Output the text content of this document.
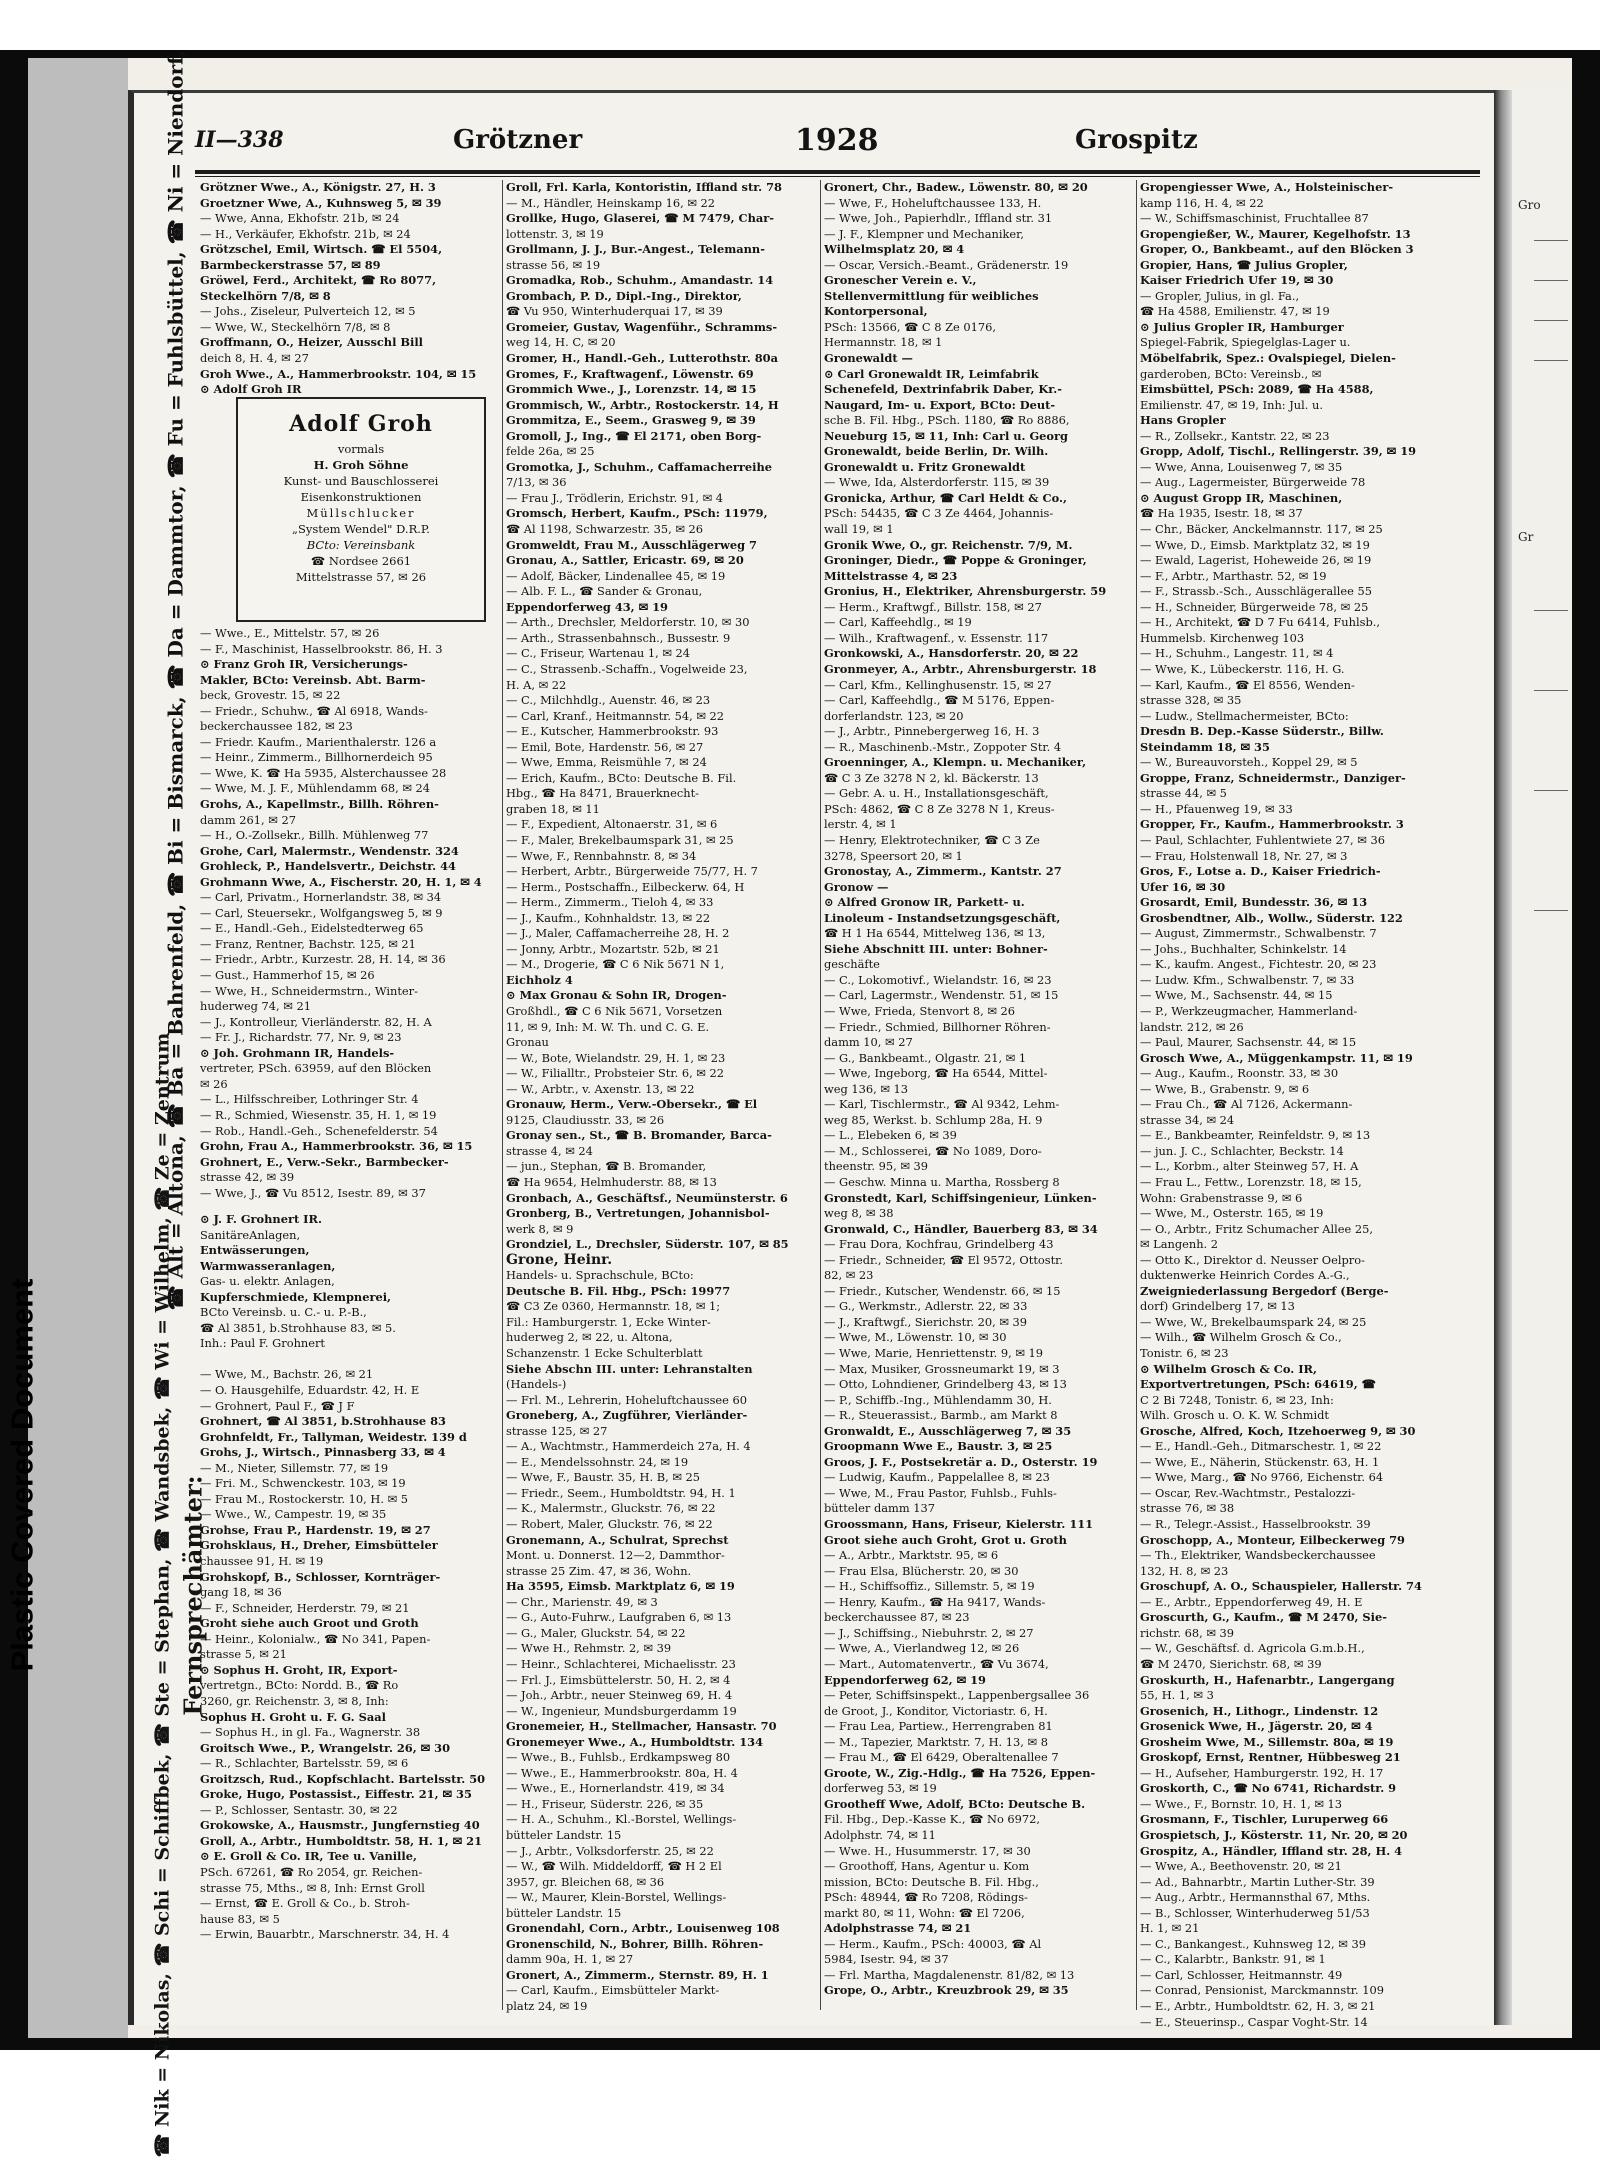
Plastic Covered Document
Gro
Gr
II—338	Grötzner	1928	Grospitz
☎ Alt = Altona, ☎ Ba = Bahrenfeld, ☎ Bi = Bismarck, ☎ Da = Dammtor, ☎ Fu = Fuhlsbüttel, ☎ Ni = Niendorf,
☎ Nik = Nikolas, ☎ Schi = Schiffbek, ☎ Ste = Stephan, ☎ Wandsbek, ☎ Wi = Wilhelm, ☎ Ze = Zentrum Fernsprechämter:
Grötzner Wwe., A., Königstr. 27, H. 3
Groetzner Wwe, A., Kuhnsweg 5, ✉ 39
— Wwe, Anna, Ekhofstr. 21b, ✉ 24
— H., Verkäufer, Ekhofstr. 21b, ✉ 24
Grötzschel, Emil, Wirtsch. ☎ El 5504,
Barmbeckerstrasse 57, ✉ 89
Gröwel, Ferd., Architekt, ☎ Ro 8077,
Steckelhörn 7/8, ✉ 8
— Johs., Ziseleur, Pulverteich 12, ✉ 5
— Wwe, W., Steckelhörn 7/8, ✉ 8
Groffmann, O., Heizer, Ausschl Bill
deich 8, H. 4, ✉ 27
Groh Wwe., A., Hammerbrookstr. 104, ✉ 15
⊙ Adolf Groh IR
Adolf Groh
vormals
H. Groh Söhne
Kunst- und Bauschlosserei
Eisenkonstruktionen
Müllschlucker
„System Wendel" D.R.P.
BCto: Vereinsbank
☎ Nordsee 2661
Mittelstrasse 57, ✉ 26
— Wwe., E., Mittelstr. 57, ✉ 26
— F., Maschinist, Hasselbrookstr. 86, H. 3
⊙ Franz Groh IR, Versicherungs-
Makler, BCto: Vereinsb. Abt. Barm-
beck, Grovestr. 15, ✉ 22
— Friedr., Schuhw., ☎ Al 6918, Wands-
beckerchaussee 182, ✉ 23
— Friedr. Kaufm., Marienthalerstr. 126 a
— Heinr., Zimmerm., Billhornerdeich 95
— Wwe, K. ☎ Ha 5935, Alsterchaussee 28
— Wwe, M. J. F., Mühlendamm 68, ✉ 24
Grohs, A., Kapellmstr., Billh. Röhren-
damm 261, ✉ 27
— H., O.-Zollsekr., Billh. Mühlenweg 77
Grohe, Carl, Malermstr., Wendenstr. 324
Grohleck, P., Handelsvertr., Deichstr. 44
Grohmann Wwe, A., Fischerstr. 20, H. 1, ✉ 4
— Carl, Privatm., Hornerlandstr. 38, ✉ 34
— Carl, Steuersekr., Wolfgangsweg 5, ✉ 9
— E., Handl.-Geh., Eidelstedterweg 65
— Franz, Rentner, Bachstr. 125, ✉ 21
— Friedr., Arbtr., Kurzestr. 28, H. 14, ✉ 36
— Gust., Hammerhof 15, ✉ 26
— Wwe, H., Schneidermstrn., Winter-
huderweg 74, ✉ 21
— J., Kontrolleur, Vierländerstr. 82, H. A
— Fr. J., Richardstr. 77, Nr. 9, ✉ 23
⊙ Joh. Grohmann IR, Handels-
vertreter, PSch. 63959, auf den Blöcken
✉ 26
— L., Hilfsschreiber, Lothringer Str. 4
— R., Schmied, Wiesenstr. 35, H. 1, ✉ 19
— Rob., Handl.-Geh., Schenefelderstr. 54
Grohn, Frau A., Hammerbrookstr. 36, ✉ 15
Grohnert, E., Verw.-Sekr., Barmbecker-
strasse 42, ✉ 39
— Wwe, J., ☎ Vu 8512, Isestr. 89, ✉ 37
⊙ J. F. Grohnert IR.
SanitäreAnlagen,
Entwässerungen,
Warmwasseranlagen,
Gas- u. elektr. Anlagen,
Kupferschmiede, Klempnerei,
BCto Vereinsb. u. C.- u. P.-B.,
☎ Al 3851, b.Strohhause 83, ✉ 5.
Inh.: Paul F. Grohnert
— Wwe, M., Bachstr. 26, ✉ 21
— O. Hausgehilfe, Eduardstr. 42, H. E
— Grohnert, Paul F., ☎ J F
Grohnert, ☎ Al 3851, b.Strohhause 83
Grohnfeldt, Fr., Tallyman, Weidestr. 139 d
Grohs, J., Wirtsch., Pinnasberg 33, ✉ 4
— M., Nieter, Sillemstr. 77, ✉ 19
— Fri. M., Schwenckestr. 103, ✉ 19
— Frau M., Rostockerstr. 10, H. ✉ 5
— Wwe., W., Campestr. 19, ✉ 35
Grohse, Frau P., Hardenstr. 19, ✉ 27
Grohsklaus, H., Dreher, Eimsbütteler
chaussee 91, H. ✉ 19
Grohskopf, B., Schlosser, Kornträger-
gang 18, ✉ 36
— F., Schneider, Herderstr. 79, ✉ 21
Groht siehe auch Groot und Groth
— Heinr., Kolonialw., ☎ No 341, Papen-
strasse 5, ✉ 21
⊙ Sophus H. Groht, IR, Export-
vertretgn., BCto: Nordd. B., ☎ Ro
3260, gr. Reichenstr. 3, ✉ 8, Inh:
Sophus H. Groht u. F. G. Saal
— Sophus H., in gl. Fa., Wagnerstr. 38
Groitsch Wwe., P., Wrangelstr. 26, ✉ 30
— R., Schlachter, Bartelsstr. 59, ✉ 6
Groitzsch, Rud., Kopfschlacht. Bartelsstr. 50
Groke, Hugo, Postassist., Eiffestr. 21, ✉ 35
— P., Schlosser, Sentastr. 30, ✉ 22
Grokowske, A., Hausmstr., Jungfernstieg 40
Groll, A., Arbtr., Humboldtstr. 58, H. 1, ✉ 21
⊙ E. Groll & Co. IR, Tee u. Vanille,
PSch. 67261, ☎ Ro 2054, gr. Reichen-
strasse 75, Mths., ✉ 8, Inh: Ernst Groll
— Ernst, ☎ E. Groll & Co., b. Stroh-
hause 83, ✉ 5
— Erwin, Bauarbtr., Marschnerstr. 34, H. 4
Groll, Frl. Karla, Kontoristin, Iffland str. 78
— M., Händler, Heinskamp 16, ✉ 22
Grollke, Hugo, Glaserei, ☎ M 7479, Char-
lottenstr. 3, ✉ 19
Grollmann, J. J., Bur.-Angest., Telemann-
strasse 56, ✉ 19
Gromadka, Rob., Schuhm., Amandastr. 14
Grombach, P. D., Dipl.-Ing., Direktor,
☎ Vu 950, Winterhuderquai 17, ✉ 39
Gromeier, Gustav, Wagenführ., Schramms-
weg 14, H. C, ✉ 20
Gromer, H., Handl.-Geh., Lutterothstr. 80a
Gromes, F., Kraftwagenf., Löwenstr. 69
Grommich Wwe., J., Lorenzstr. 14, ✉ 15
Grommisch, W., Arbtr., Rostockerstr. 14, H
Grommitza, E., Seem., Grasweg 9, ✉ 39
Gromoll, J., Ing., ☎ El 2171, oben Borg-
felde 26a, ✉ 25
Gromotka, J., Schuhm., Caffamacherreihe
7/13, ✉ 36
— Frau J., Trödlerin, Erichstr. 91, ✉ 4
Gromsch, Herbert, Kaufm., PSch: 11979,
☎ Al 1198, Schwarzestr. 35, ✉ 26
Gromweldt, Frau M., Ausschlägerweg 7
Gronau, A., Sattler, Ericastr. 69, ✉ 20
— Adolf, Bäcker, Lindenallee 45, ✉ 19
— Alb. F. L., ☎ Sander & Gronau,
Eppendorferweg 43, ✉ 19
— Arth., Drechsler, Meldorferstr. 10, ✉ 30
— Arth., Strassenbahnsch., Bussestr. 9
— C., Friseur, Wartenau 1, ✉ 24
— C., Strassenb.-Schaffn., Vogelweide 23,
H. A, ✉ 22
— C., Milchhdlg., Auenstr. 46, ✉ 23
— Carl, Kranf., Heitmannstr. 54, ✉ 22
— E., Kutscher, Hammerbrookstr. 93
— Emil, Bote, Hardenstr. 56, ✉ 27
— Wwe, Emma, Reismühle 7, ✉ 24
— Erich, Kaufm., BCto: Deutsche B. Fil.
Hbg., ☎ Ha 8471, Brauerknecht-
graben 18, ✉ 11
— F., Expedient, Altonaerstr. 31, ✉ 6
— F., Maler, Brekelbaumspark 31, ✉ 25
— Wwe, F., Rennbahnstr. 8, ✉ 34
— Herbert, Arbtr., Bürgerweide 75/77, H. 7
— Herm., Postschaffn., Eilbeckerw. 64, H
— Herm., Zimmerm., Tieloh 4, ✉ 33
— J., Kaufm., Kohnhaldstr. 13, ✉ 22
— J., Maler, Caffamacherreihe 28, H. 2
— Jonny, Arbtr., Mozartstr. 52b, ✉ 21
— M., Drogerie, ☎ C 6 Nik 5671 N 1,
Eichholz 4
⊙ Max Gronau & Sohn IR, Drogen-
Großhdl., ☎ C 6 Nik 5671, Vorsetzen
11, ✉ 9, Inh: M. W. Th. und C. G. E.
Gronau
— W., Bote, Wielandstr. 29, H. 1, ✉ 23
— W., Filialltr., Probsteier Str. 6, ✉ 22
— W., Arbtr., v. Axenstr. 13, ✉ 22
Gronauw, Herm., Verw.-Obersekr., ☎ El
9125, Claudiusstr. 33, ✉ 26
Gronay sen., St., ☎ B. Bromander, Barca-
strasse 4, ✉ 24
— jun., Stephan, ☎ B. Bromander,
☎ Ha 9654, Helmhuderstr. 88, ✉ 13
Gronbach, A., Geschäftsf., Neumünsterstr. 6
Gronberg, B., Vertretungen, Johannisbol-
werk 8, ✉ 9
Grondziel, L., Drechsler, Süderstr. 107, ✉ 85
Grone, Heinr.
Handels- u. Sprachschule, BCto:
Deutsche B. Fil. Hbg., PSch: 19977
☎ C3 Ze 0360, Hermannstr. 18, ✉ 1;
Fil.: Hamburgerstr. 1, Ecke Winter-
huderweg 2, ✉ 22, u. Altona,
Schanzenstr. 1 Ecke Schulterblatt
Siehe Abschn III. unter: Lehranstalten
(Handels-)
— Frl. M., Lehrerin, Hoheluftchaussee 60
Groneberg, A., Zugführer, Vierländer-
strasse 125, ✉ 27
— A., Wachtmstr., Hammerdeich 27a, H. 4
— E., Mendelssohnstr. 24, ✉ 19
— Wwe, F., Baustr. 35, H. B, ✉ 25
— Friedr., Seem., Humboldtstr. 94, H. 1
— K., Malermstr., Gluckstr. 76, ✉ 22
— Robert, Maler, Gluckstr. 76, ✉ 22
Gronemann, A., Schulrat, Sprechst
Mont. u. Donnerst. 12—2, Dammthor-
strasse 25 Zim. 47, ✉ 36, Wohn.
Ha 3595, Eimsb. Marktplatz 6, ✉ 19
— Chr., Marienstr. 49, ✉ 3
— G., Auto-Fuhrw., Laufgraben 6, ✉ 13
— G., Maler, Gluckstr. 54, ✉ 22
— Wwe H., Rehmstr. 2, ✉ 39
— Heinr., Schlachterei, Michaelisstr. 23
— Frl. J., Eimsbüttelerstr. 50, H. 2, ✉ 4
— Joh., Arbtr., neuer Steinweg 69, H. 4
— W., Ingenieur, Mundsburgerdamm 19
Gronemeier, H., Stellmacher, Hansastr. 70
Gronemeyer Wwe., A., Humboldtstr. 134
— Wwe., B., Fuhlsb., Erdkampsweg 80
— Wwe., E., Hammerbrookstr. 80a, H. 4
— Wwe., E., Hornerlandstr. 419, ✉ 34
— H., Friseur, Süderstr. 226, ✉ 35
— H. A., Schuhm., Kl.-Borstel, Wellings-
bütteler Landstr. 15
— J., Arbtr., Volksdorferstr. 25, ✉ 22
— W., ☎ Wilh. Middeldorff, ☎ H 2 El
3957, gr. Bleichen 68, ✉ 36
— W., Maurer, Klein-Borstel, Wellings-
bütteler Landstr. 15
Gronendahl, Corn., Arbtr., Louisenweg 108
Gronenschild, N., Bohrer, Billh. Röhren-
damm 90a, H. 1, ✉ 27
Gronert, A., Zimmerm., Sternstr. 89, H. 1
— Carl, Kaufm., Eimsbütteler Markt-
platz 24, ✉ 19
Gronert, Chr., Badew., Löwenstr. 80, ✉ 20
— Wwe, F., Hoheluftchaussee 133, H.
— Wwe, Joh., Papierhdlr., Iffland str. 31
— J. F., Klempner und Mechaniker,
Wilhelmsplatz 20, ✉ 4
— Oscar, Versich.-Beamt., Grädenerstr. 19
Gronescher Verein e. V.,
Stellenvermittlung für weibliches
Kontorpersonal,
PSch: 13566, ☎ C 8 Ze 0176,
Hermannstr. 18, ✉ 1
Gronewaldt —
⊙ Carl Gronewaldt IR, Leimfabrik
Schenefeld, Dextrinfabrik Daber, Kr.-
Naugard, Im- u. Export, BCto: Deut-
sche B. Fil. Hbg., PSch. 1180, ☎ Ro 8886,
Neueburg 15, ✉ 11, Inh: Carl u. Georg
Gronewaldt, beide Berlin, Dr. Wilh.
Gronewaldt u. Fritz Gronewaldt
— Wwe, Ida, Alsterdorferstr. 115, ✉ 39
Gronicka, Arthur, ☎ Carl Heldt & Co.,
PSch: 54435, ☎ C 3 Ze 4464, Johannis-
wall 19, ✉ 1
Gronik Wwe, O., gr. Reichenstr. 7/9, M.
Groninger, Diedr., ☎ Poppe & Groninger,
Mittelstrasse 4, ✉ 23
Gronius, H., Elektriker, Ahrensburgerstr. 59
— Herm., Kraftwgf., Billstr. 158, ✉ 27
— Carl, Kaffeehdlg., ✉ 19
— Wilh., Kraftwagenf., v. Essenstr. 117
Gronkowski, A., Hansdorferstr. 20, ✉ 22
Gronmeyer, A., Arbtr., Ahrensburgerstr. 18
— Carl, Kfm., Kellinghusenstr. 15, ✉ 27
— Carl, Kaffeehdlg., ☎ M 5176, Eppen-
dorferlandstr. 123, ✉ 20
— J., Arbtr., Pinnebergerweg 16, H. 3
— R., Maschinenb.-Mstr., Zoppoter Str. 4
Groenninger, A., Klempn. u. Mechaniker,
☎ C 3 Ze 3278 N 2, kl. Bäckerstr. 13
— Gebr. A. u. H., Installationsgeschäft,
PSch: 4862, ☎ C 8 Ze 3278 N 1, Kreus-
lerstr. 4, ✉ 1
— Henry, Elektrotechniker, ☎ C 3 Ze
3278, Speersort 20, ✉ 1
Gronostay, A., Zimmerm., Kantstr. 27
Gronow —
⊙ Alfred Gronow IR, Parkett- u.
Linoleum - Instandsetzungsgeschäft,
☎ H 1 Ha 6544, Mittelweg 136, ✉ 13,
Siehe Abschnitt III. unter: Bohner-
geschäfte
— C., Lokomotivf., Wielandstr. 16, ✉ 23
— Carl, Lagermstr., Wendenstr. 51, ✉ 15
— Wwe, Frieda, Stenvort 8, ✉ 26
— Friedr., Schmied, Billhorner Röhren-
damm 10, ✉ 27
— G., Bankbeamt., Olgastr. 21, ✉ 1
— Wwe, Ingeborg, ☎ Ha 6544, Mittel-
weg 136, ✉ 13
— Karl, Tischlermstr., ☎ Al 9342, Lehm-
weg 85, Werkst. b. Schlump 28a, H. 9
— L., Elebeken 6, ✉ 39
— M., Schlosserei, ☎ No 1089, Doro-
theenstr. 95, ✉ 39
— Geschw. Minna u. Martha, Rossberg 8
Gronstedt, Karl, Schiffsingenieur, Lünken-
weg 8, ✉ 38
Gronwald, C., Händler, Bauerberg 83, ✉ 34
— Frau Dora, Kochfrau, Grindelberg 43
— Friedr., Schneider, ☎ El 9572, Ottostr.
82, ✉ 23
— Friedr., Kutscher, Wendenstr. 66, ✉ 15
— G., Werkmstr., Adlerstr. 22, ✉ 33
— J., Kraftwgf., Sierichstr. 20, ✉ 39
— Wwe, M., Löwenstr. 10, ✉ 30
— Wwe, Marie, Henriettenstr. 9, ✉ 19
— Max, Musiker, Grossneumarkt 19, ✉ 3
— Otto, Lohndiener, Grindelberg 43, ✉ 13
— P., Schiffb.-Ing., Mühlendamm 30, H.
— R., Steuerassist., Barmb., am Markt 8
Gronwaldt, E., Ausschlägerweg 7, ✉ 35
Groopmann Wwe E., Baustr. 3, ✉ 25
Groos, J. F., Postsekretär a. D., Osterstr. 19
— Ludwig, Kaufm., Pappelallee 8, ✉ 23
— Wwe, M., Frau Pastor, Fuhlsb., Fuhls-
bütteler damm 137
Groossmann, Hans, Friseur, Kielerstr. 111
Groot siehe auch Groht, Grot u. Groth
— A., Arbtr., Marktstr. 95, ✉ 6
— Frau Elsa, Blücherstr. 20, ✉ 30
— H., Schiffsoffiz., Sillemstr. 5, ✉ 19
— Henry, Kaufm., ☎ Ha 9417, Wands-
beckerchaussee 87, ✉ 23
— J., Schiffsing., Niebuhrstr. 2, ✉ 27
— Wwe, A., Vierlandweg 12, ✉ 26
— Mart., Automatenvertr., ☎ Vu 3674,
Eppendorferweg 62, ✉ 19
— Peter, Schiffsinspekt., Lappenbergsallee 36
de Groot, J., Konditor, Victoriastr. 6, H.
— Frau Lea, Partiew., Herrengraben 81
— M., Tapezier, Marktstr. 7, H. 13, ✉ 8
— Frau M., ☎ El 6429, Oberaltenallee 7
Groote, W., Zig.-Hdlg., ☎ Ha 7526, Eppen-
dorferweg 53, ✉ 19
Grootheff Wwe, Adolf, BCto: Deutsche B.
Fil. Hbg., Dep.-Kasse K., ☎ No 6972,
Adolphstr. 74, ✉ 11
— Wwe. H., Husummerstr. 17, ✉ 30
— Groothoff, Hans, Agentur u. Kom
mission, BCto: Deutsche B. Fil. Hbg.,
PSch: 48944, ☎ Ro 7208, Rödings-
markt 80, ✉ 11, Wohn: ☎ El 7206,
Adolphstrasse 74, ✉ 21
— Herm., Kaufm., PSch: 40003, ☎ Al
5984, Isestr. 94, ✉ 37
— Frl. Martha, Magdalenenstr. 81/82, ✉ 13
Grope, O., Arbtr., Kreuzbrook 29, ✉ 35
Gropengiesser Wwe, A., Holsteinischer-
kamp 116, H. 4, ✉ 22
— W., Schiffsmaschinist, Fruchtallee 87
Gropengießer, W., Maurer, Kegelhofstr. 13
Groper, O., Bankbeamt., auf den Blöcken 3
Gropier, Hans, ☎ Julius Gropler,
Kaiser Friedrich Ufer 19, ✉ 30
— Gropler, Julius, in gl. Fa.,
☎ Ha 4588, Emilienstr. 47, ✉ 19
⊙ Julius Gropler IR, Hamburger
Spiegel-Fabrik, Spiegelglas-Lager u.
Möbelfabrik, Spez.: Ovalspiegel, Dielen-
garderoben, BCto: Vereinsb., ✉
Eimsbüttel, PSch: 2089, ☎ Ha 4588,
Emilienstr. 47, ✉ 19, Inh: Jul. u.
Hans Gropler
— R., Zollsekr., Kantstr. 22, ✉ 23
Gropp, Adolf, Tischl., Rellingerstr. 39, ✉ 19
— Wwe, Anna, Louisenweg 7, ✉ 35
— Aug., Lagermeister, Bürgerweide 78
⊙ August Gropp IR, Maschinen,
☎ Ha 1935, Isestr. 18, ✉ 37
— Chr., Bäcker, Anckelmannstr. 117, ✉ 25
— Wwe, D., Eimsb. Marktplatz 32, ✉ 19
— Ewald, Lagerist, Hoheweide 26, ✉ 19
— F., Arbtr., Marthastr. 52, ✉ 19
— F., Strassb.-Sch., Ausschlägerallee 55
— H., Schneider, Bürgerweide 78, ✉ 25
— H., Architekt, ☎ D 7 Fu 6414, Fuhlsb.,
Hummelsb. Kirchenweg 103
— H., Schuhm., Langestr. 11, ✉ 4
— Wwe, K., Lübeckerstr. 116, H. G.
— Karl, Kaufm., ☎ El 8556, Wenden-
strasse 328, ✉ 35
— Ludw., Stellmachermeister, BCto:
Dresdn B. Dep.-Kasse Süderstr., Billw.
Steindamm 18, ✉ 35
— W., Bureauvorsteh., Koppel 29, ✉ 5
Groppe, Franz, Schneidermstr., Danziger-
strasse 44, ✉ 5
— H., Pfauenweg 19, ✉ 33
Gropper, Fr., Kaufm., Hammerbrookstr. 3
— Paul, Schlachter, Fuhlentwiete 27, ✉ 36
— Frau, Holstenwall 18, Nr. 27, ✉ 3
Gros, F., Lotse a. D., Kaiser Friedrich-
Ufer 16, ✉ 30
Grosardt, Emil, Bundesstr. 36, ✉ 13
Grosbendtner, Alb., Wollw., Süderstr. 122
— August, Zimmermstr., Schwalbenstr. 7
— Johs., Buchhalter, Schinkelstr. 14
— K., kaufm. Angest., Fichtestr. 20, ✉ 23
— Ludw. Kfm., Schwalbenstr. 7, ✉ 33
— Wwe, M., Sachsenstr. 44, ✉ 15
— P., Werkzeugmacher, Hammerland-
landstr. 212, ✉ 26
— Paul, Maurer, Sachsenstr. 44, ✉ 15
Grosch Wwe, A., Müggenkampstr. 11, ✉ 19
— Aug., Kaufm., Roonstr. 33, ✉ 30
— Wwe, B., Grabenstr. 9, ✉ 6
— Frau Ch., ☎ Al 7126, Ackermann-
strasse 34, ✉ 24
— E., Bankbeamter, Reinfeldstr. 9, ✉ 13
— jun. J. C., Schlachter, Beckstr. 14
— L., Korbm., alter Steinweg 57, H. A
— Frau L., Fettw., Lorenzstr. 18, ✉ 15,
Wohn: Grabenstrasse 9, ✉ 6
— Wwe, M., Osterstr. 165, ✉ 19
— O., Arbtr., Fritz Schumacher Allee 25,
✉ Langenh. 2
— Otto K., Direktor d. Neusser Oelpro-
duktenwerke Heinrich Cordes A.-G.,
Zweigniederlassung Bergedorf (Berge-
dorf) Grindelberg 17, ✉ 13
— Wwe, W., Brekelbaumspark 24, ✉ 25
— Wilh., ☎ Wilhelm Grosch & Co.,
Tonistr. 6, ✉ 23
⊙ Wilhelm Grosch & Co. IR,
Exportvertretungen, PSch: 64619, ☎
C 2 Bi 7248, Tonistr. 6, ✉ 23, Inh:
Wilh. Grosch u. O. K. W. Schmidt
Grosche, Alfred, Koch, Itzehoerweg 9, ✉ 30
— E., Handl.-Geh., Ditmarschestr. 1, ✉ 22
— Wwe, E., Näherin, Stückenstr. 63, H. 1
— Wwe, Marg., ☎ No 9766, Eichenstr. 64
— Oscar, Rev.-Wachtmstr., Pestalozzi-
strasse 76, ✉ 38
— R., Telegr.-Assist., Hasselbrookstr. 39
Groschopp, A., Monteur, Eilbeckerweg 79
— Th., Elektriker, Wandsbeckerchaussee
132, H. 8, ✉ 23
Groschupf, A. O., Schauspieler, Hallerstr. 74
— E., Arbtr., Eppendorferweg 49, H. E
Groscurth, G., Kaufm., ☎ M 2470, Sie-
richstr. 68, ✉ 39
— W., Geschäftsf. d. Agricola G.m.b.H.,
☎ M 2470, Sierichstr. 68, ✉ 39
Groskurth, H., Hafenarbtr., Langergang
55, H. 1, ✉ 3
Grosenich, H., Lithogr., Lindenstr. 12
Grosenick Wwe, H., Jägerstr. 20, ✉ 4
Grosheim Wwe, M., Sillemstr. 80a, ✉ 19
Groskopf, Ernst, Rentner, Hübbesweg 21
— H., Aufseher, Hamburgerstr. 192, H. 17
Groskorth, C., ☎ No 6741, Richardstr. 9
— Wwe., F., Bornstr. 10, H. 1, ✉ 13
Grosmann, F., Tischler, Luruperweg 66
Grospietsch, J., Kösterstr. 11, Nr. 20, ✉ 20
Grospitz, A., Händler, Iffland str. 28, H. 4
— Wwe, A., Beethovenstr. 20, ✉ 21
— Ad., Bahnarbtr., Martin Luther-Str. 39
— Aug., Arbtr., Hermannsthal 67, Mths.
— B., Schlosser, Winterhuderweg 51/53
H. 1, ✉ 21
— C., Bankangest., Kuhnsweg 12, ✉ 39
— C., Kalarbtr., Bankstr. 91, ✉ 1
— Carl, Schlosser, Heitmannstr. 49
— Conrad, Pensionist, Marckmannstr. 109
— E., Arbtr., Humboldtstr. 62, H. 3, ✉ 21
— E., Steuerinsp., Caspar Voght-Str. 14
